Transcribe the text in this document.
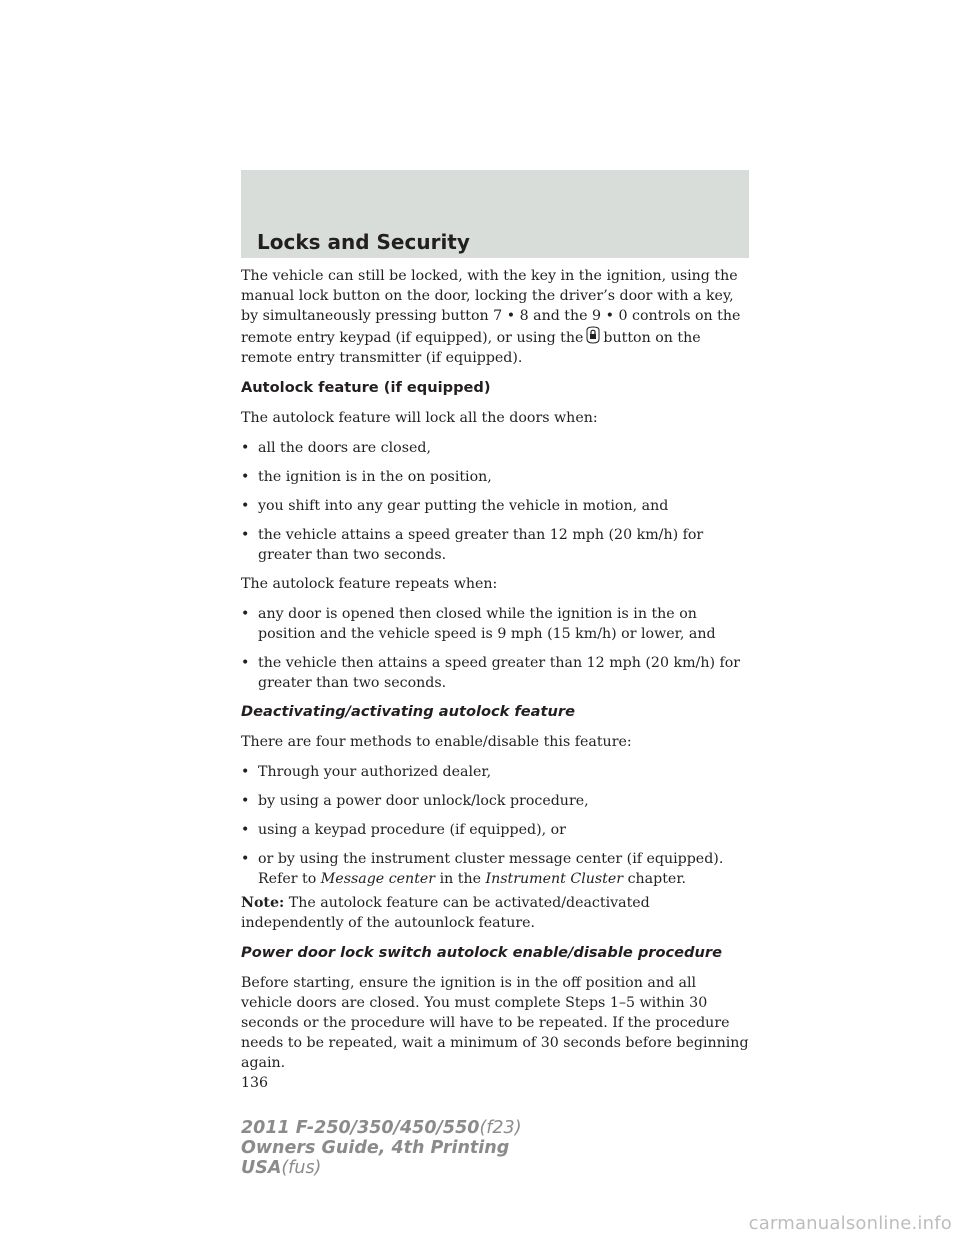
Locks and Security

The vehicle can still be locked, with the key in the ignition, using the manual lock button on the door, locking the driver’s door with a key, by simultaneously pressing button 7 • 8 and the 9 • 0 controls on the remote entry keypad (if equipped), or using the button on the remote entry transmitter (if equipped).

Autolock feature (if equipped)

The autolock feature will lock all the doors when:

• all the doors are closed,
• the ignition is in the on position,
• you shift into any gear putting the vehicle in motion, and
• the vehicle attains a speed greater than 12 mph (20 km/h) for greater than two seconds.

The autolock feature repeats when:

• any door is opened then closed while the ignition is in the on position and the vehicle speed is 9 mph (15 km/h) or lower, and
• the vehicle then attains a speed greater than 12 mph (20 km/h) for greater than two seconds.
Deactivating/activating autolock feature

There are four methods to enable/disable this feature:

• Through your authorized dealer,
• by using a power door unlock/lock procedure,
• using a keypad procedure (if equipped), or
• or by using the instrument cluster message center (if equipped). Refer to Message center in the Instrument Cluster chapter.

Note: The autolock feature can be activated/deactivated independently of the autounlock feature.

Power door lock switch autolock enable/disable procedure

Before starting, ensure the ignition is in the off position and all vehicle doors are closed. You must complete Steps 1–5 within 30 seconds or the procedure will have to be repeated. If the procedure needs to be repeated, wait a minimum of 30 seconds before beginning again.

136

2011 F-250/350/450/550(f23)
Owners Guide, 4th Printing
USA(fus)
carmanualsonline.info
